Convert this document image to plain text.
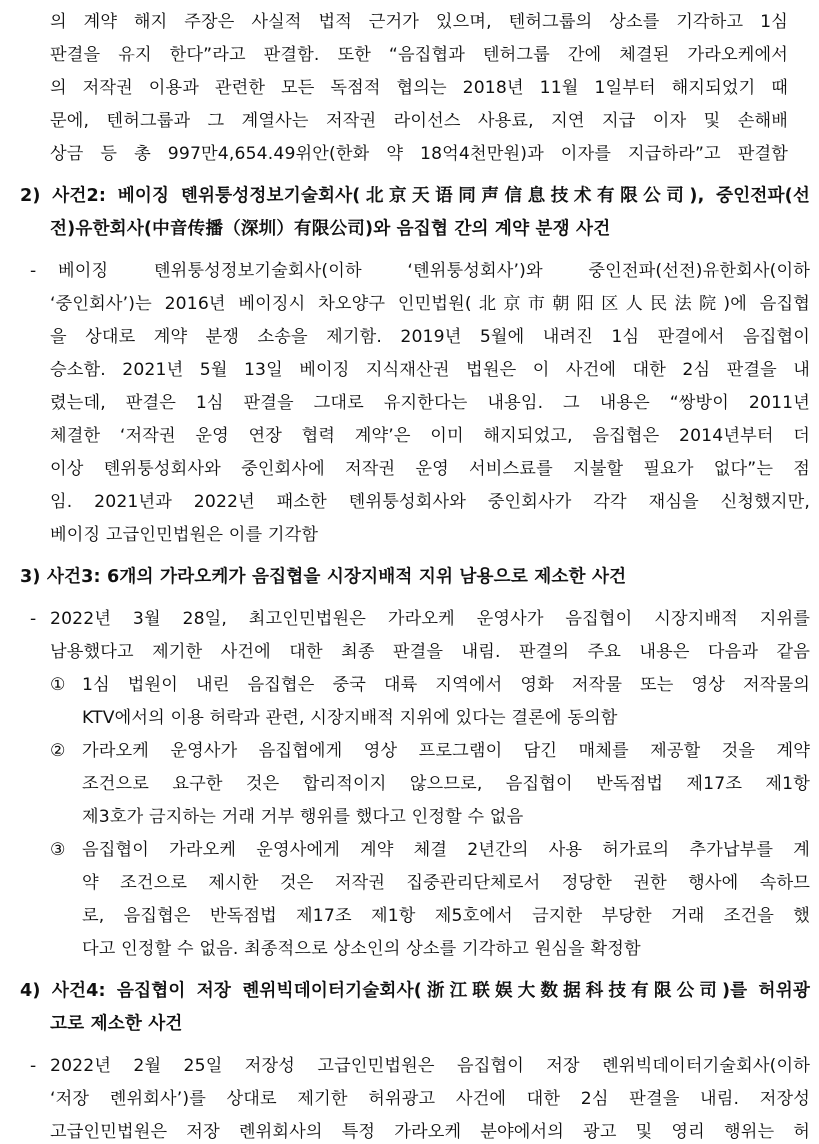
의 계약 해지 주장은 사실적 법적 근거가 있으며, 텐허그룹의 상소를 기각하고 1심
판결을 유지 한다”라고 판결함. 또한 “음집협과 텐허그룹 간에 체결된 가라오케에서
의 저작권 이용과 관련한 모든 독점적 협의는 2018년 11월 1일부터 해지되었기 때
문에, 텐허그룹과 그 계열사는 저작권 라이선스 사용료, 지연 지급 이자 및 손해배
상금 등 총 997만4,654.49위안(한화 약 18억4천만원)과 이자를 지급하라”고 판결함
2) 사건2: 베이징 톈위퉁성정보기술회사(北京天语同声信息技术有限公司), 중인전파(선
전)유한회사(中音传播（深圳）有限公司)와 음집협 간의 계약 분쟁 사건
- 베이징 톈위퉁성정보기술회사(이하 ‘톈위퉁성회사’)와 중인전파(선전)유한회사(이하
‘중인회사’)는 2016년 베이징시 차오양구 인민법원(北京市朝阳区人民法院)에 음집협
을 상대로 계약 분쟁 소송을 제기함. 2019년 5월에 내려진 1심 판결에서 음집협이
승소함. 2021년 5월 13일 베이징 지식재산권 법원은 이 사건에 대한 2심 판결을 내
렸는데, 판결은 1심 판결을 그대로 유지한다는 내용임. 그 내용은 “쌍방이 2011년
체결한 ‘저작권 운영 연장 협력 계약’은 이미 해지되었고, 음집협은 2014년부터 더
이상 톈위퉁성회사와 중인회사에 저작권 운영 서비스료를 지불할 필요가 없다”는 점
임. 2021년과 2022년 패소한 톈위퉁성회사와 중인회사가 각각 재심을 신청했지만,
베이징 고급인민법원은 이를 기각함
3) 사건3: 6개의 가라오케가 음집협을 시장지배적 지위 남용으로 제소한 사건
- 2022년 3월 28일, 최고인민법원은 가라오케 운영사가 음집협이 시장지배적 지위를
남용했다고 제기한 사건에 대한 최종 판결을 내림. 판결의 주요 내용은 다음과 같음
① 1심 법원이 내린 음집협은 중국 대륙 지역에서 영화 저작물 또는 영상 저작물의
KTV에서의 이용 허락과 관련, 시장지배적 지위에 있다는 결론에 동의함
② 가라오케 운영사가 음집협에게 영상 프로그램이 담긴 매체를 제공할 것을 계약
조건으로 요구한 것은 합리적이지 않으므로, 음집협이 반독점법 제17조 제1항
제3호가 금지하는 거래 거부 행위를 했다고 인정할 수 없음
③ 음집협이 가라오케 운영사에게 계약 체결 2년간의 사용 허가료의 추가납부를 계
약 조건으로 제시한 것은 저작권 집중관리단체로서 정당한 권한 행사에 속하므
로, 음집협은 반독점법 제17조 제1항 제5호에서 금지한 부당한 거래 조건을 했
다고 인정할 수 없음. 최종적으로 상소인의 상소를 기각하고 원심을 확정함
4) 사건4: 음집협이 저장 롄위빅데이터기술회사(浙江联娱大数据科技有限公司)를 허위광
고로 제소한 사건
- 2022년 2월 25일 저장성 고급인민법원은 음집협이 저장 롄위빅데이터기술회사(이하
‘저장 롄위회사’)를 상대로 제기한 허위광고 사건에 대한 2심 판결을 내림. 저장성
고급인민법원은 저장 롄위회사의 특정 가라오케 분야에서의 광고 및 영리 행위는 허
